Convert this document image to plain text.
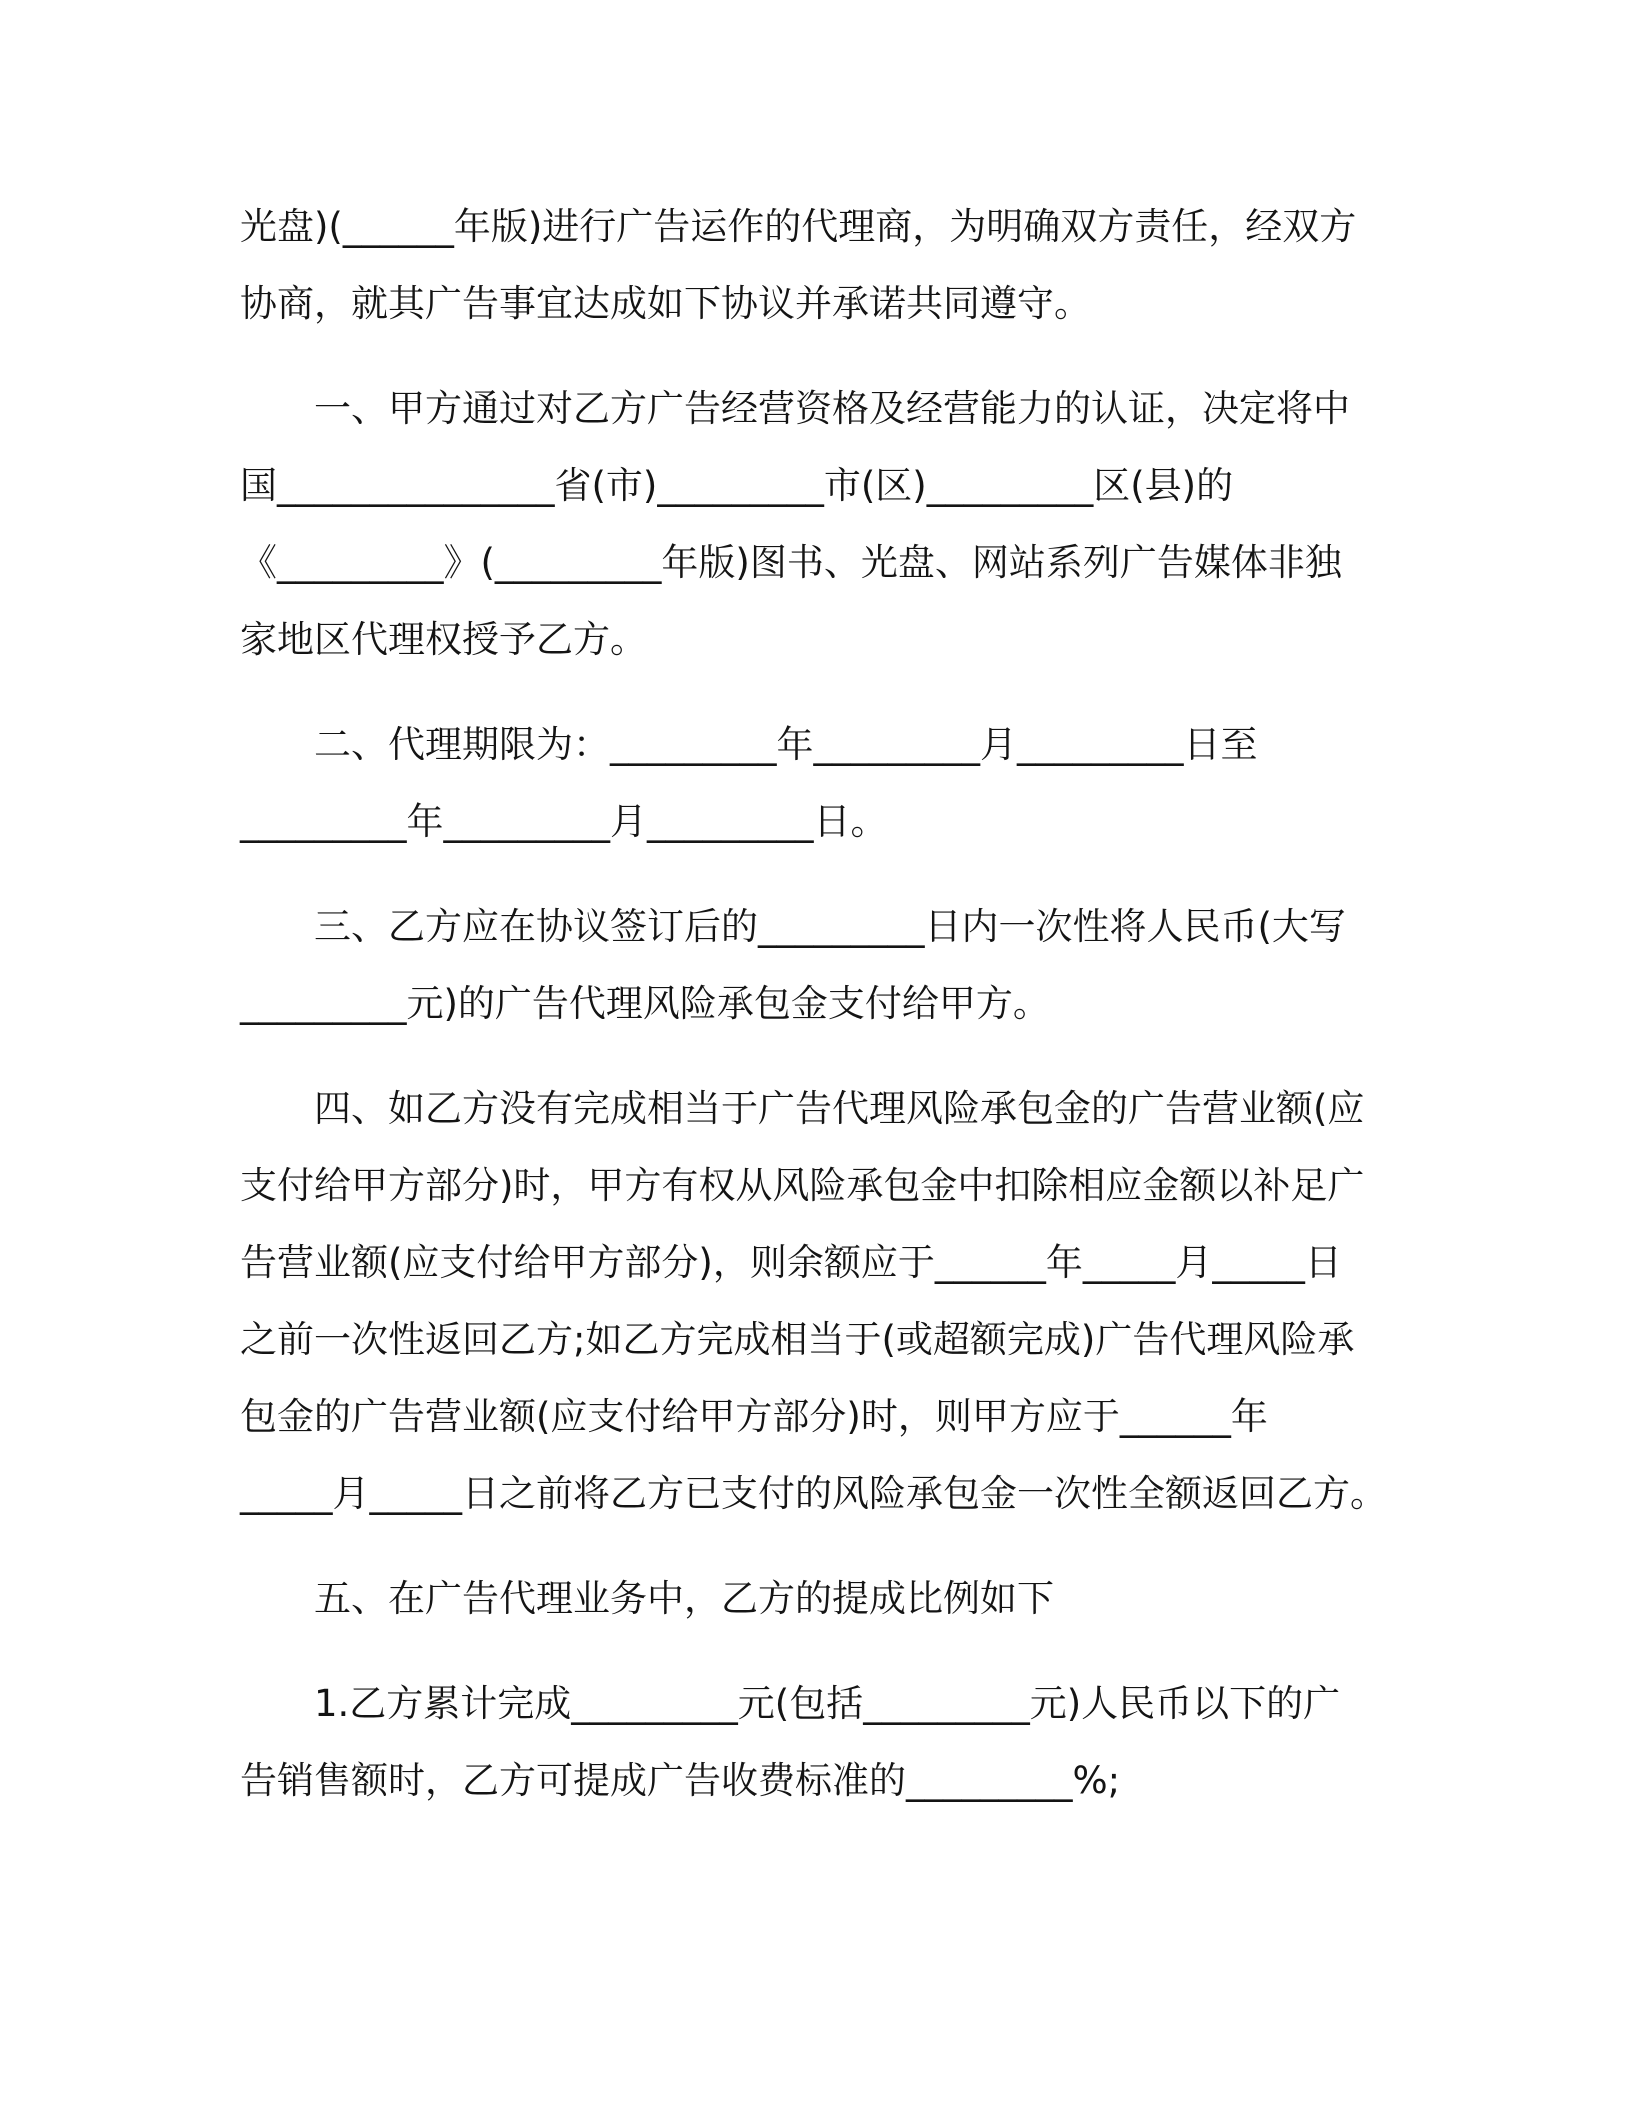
光盘)(______年版)进行广告运作的代理商，为明确双方责任，经双方
协商，就其广告事宜达成如下协议并承诺共同遵守。
一、甲方通过对乙方广告经营资格及经营能力的认证，决定将中
国_______________省(市)_________市(区)_________区(县)的
《_________》(_________年版)图书、光盘、网站系列广告媒体非独
家地区代理权授予乙方。
二、代理期限为：_________年_________月_________日至
_________年_________月_________日。
三、乙方应在协议签订后的_________日内一次性将人民币(大写
_________元)的广告代理风险承包金支付给甲方。
四、如乙方没有完成相当于广告代理风险承包金的广告营业额(应
支付给甲方部分)时，甲方有权从风险承包金中扣除相应金额以补足广
告营业额(应支付给甲方部分)，则余额应于______年_____月_____日
之前一次性返回乙方;如乙方完成相当于(或超额完成)广告代理风险承
包金的广告营业额(应支付给甲方部分)时，则甲方应于______年
_____月_____日之前将乙方已支付的风险承包金一次性全额返回乙方。
五、在广告代理业务中，乙方的提成比例如下
1.乙方累计完成_________元(包括_________元)人民币以下的广
告销售额时，乙方可提成广告收费标准的_________%;
